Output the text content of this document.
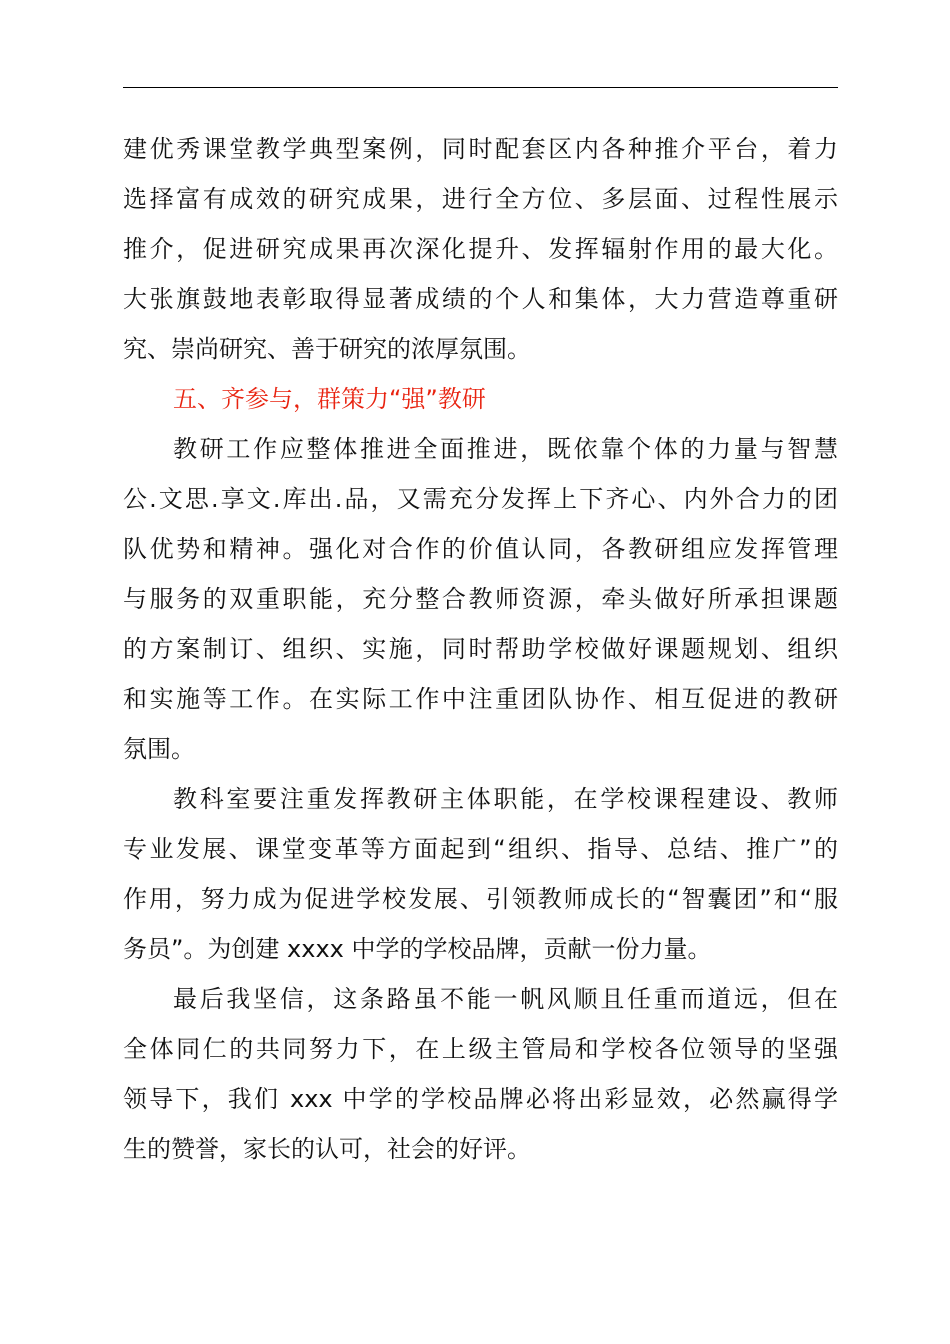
建优秀课堂教学典型案例，同时配套区内各种推介平台，着力
选择富有成效的研究成果，进行全方位、多层面、过程性展示
推介，促进研究成果再次深化提升、发挥辐射作用的最大化。
大张旗鼓地表彰取得显著成绩的个人和集体，大力营造尊重研
究、崇尚研究、善于研究的浓厚氛围。
五、齐参与，群策力“强”教研
教研工作应整体推进全面推进，既依靠个体的力量与智慧
公.文思.享文.库出.品，又需充分发挥上下齐心、内外合力的团
队优势和精神。强化对合作的价值认同，各教研组应发挥管理
与服务的双重职能，充分整合教师资源，牵头做好所承担课题
的方案制订、组织、实施，同时帮助学校做好课题规划、组织
和实施等工作。在实际工作中注重团队协作、相互促进的教研
氛围。
教科室要注重发挥教研主体职能，在学校课程建设、教师
专业发展、课堂变革等方面起到“组织、指导、总结、推广”的
作用，努力成为促进学校发展、引领教师成长的“智囊团”和“服
务员”。为创建 xxxx 中学的学校品牌，贡献一份力量。
最后我坚信，这条路虽不能一帆风顺且任重而道远，但在
全体同仁的共同努力下，在上级主管局和学校各位领导的坚强
领导下，我们 xxx 中学的学校品牌必将出彩显效，必然赢得学
生的赞誉，家长的认可，社会的好评。
